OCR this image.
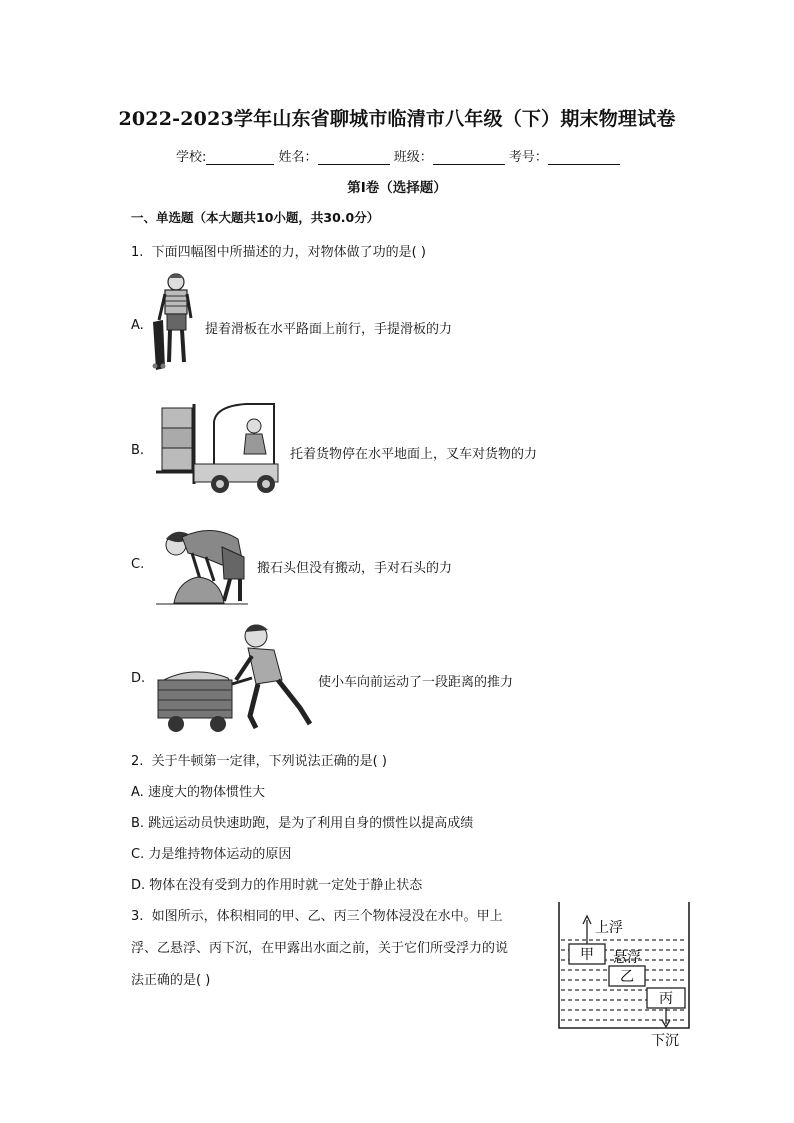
2022-2023学年山东省聊城市临清市八年级（下）期末物理试卷
学校:	姓名：	班级：	考号：
第I卷（选择题）
一、单选题（本大题共10小题，共30.0分）
1. 下面四幅图中所描述的力，对物体做了功的是( )
A.	提着滑板在水平路面上前行，手提滑板的力
B.	托着货物停在水平地面上，叉车对货物的力
C.	搬石头但没有搬动，手对石头的力
D.	使小车向前运动了一段距离的推力
2. 关于牛顿第一定律，下列说法正确的是( )
A. 速度大的物体惯性大
B. 跳远运动员快速助跑，是为了利用自身的惯性以提高成绩
C. 力是维持物体运动的原因
D. 物体在没有受到力的作用时就一定处于静止状态
3. 如图所示，体积相同的甲、乙、丙三个物体浸没在水中。甲上
浮、乙悬浮、丙下沉，在甲露出水面之前，关于它们所受浮力的说
法正确的是( )
甲
上浮
悬浮
乙
丙
下沉
